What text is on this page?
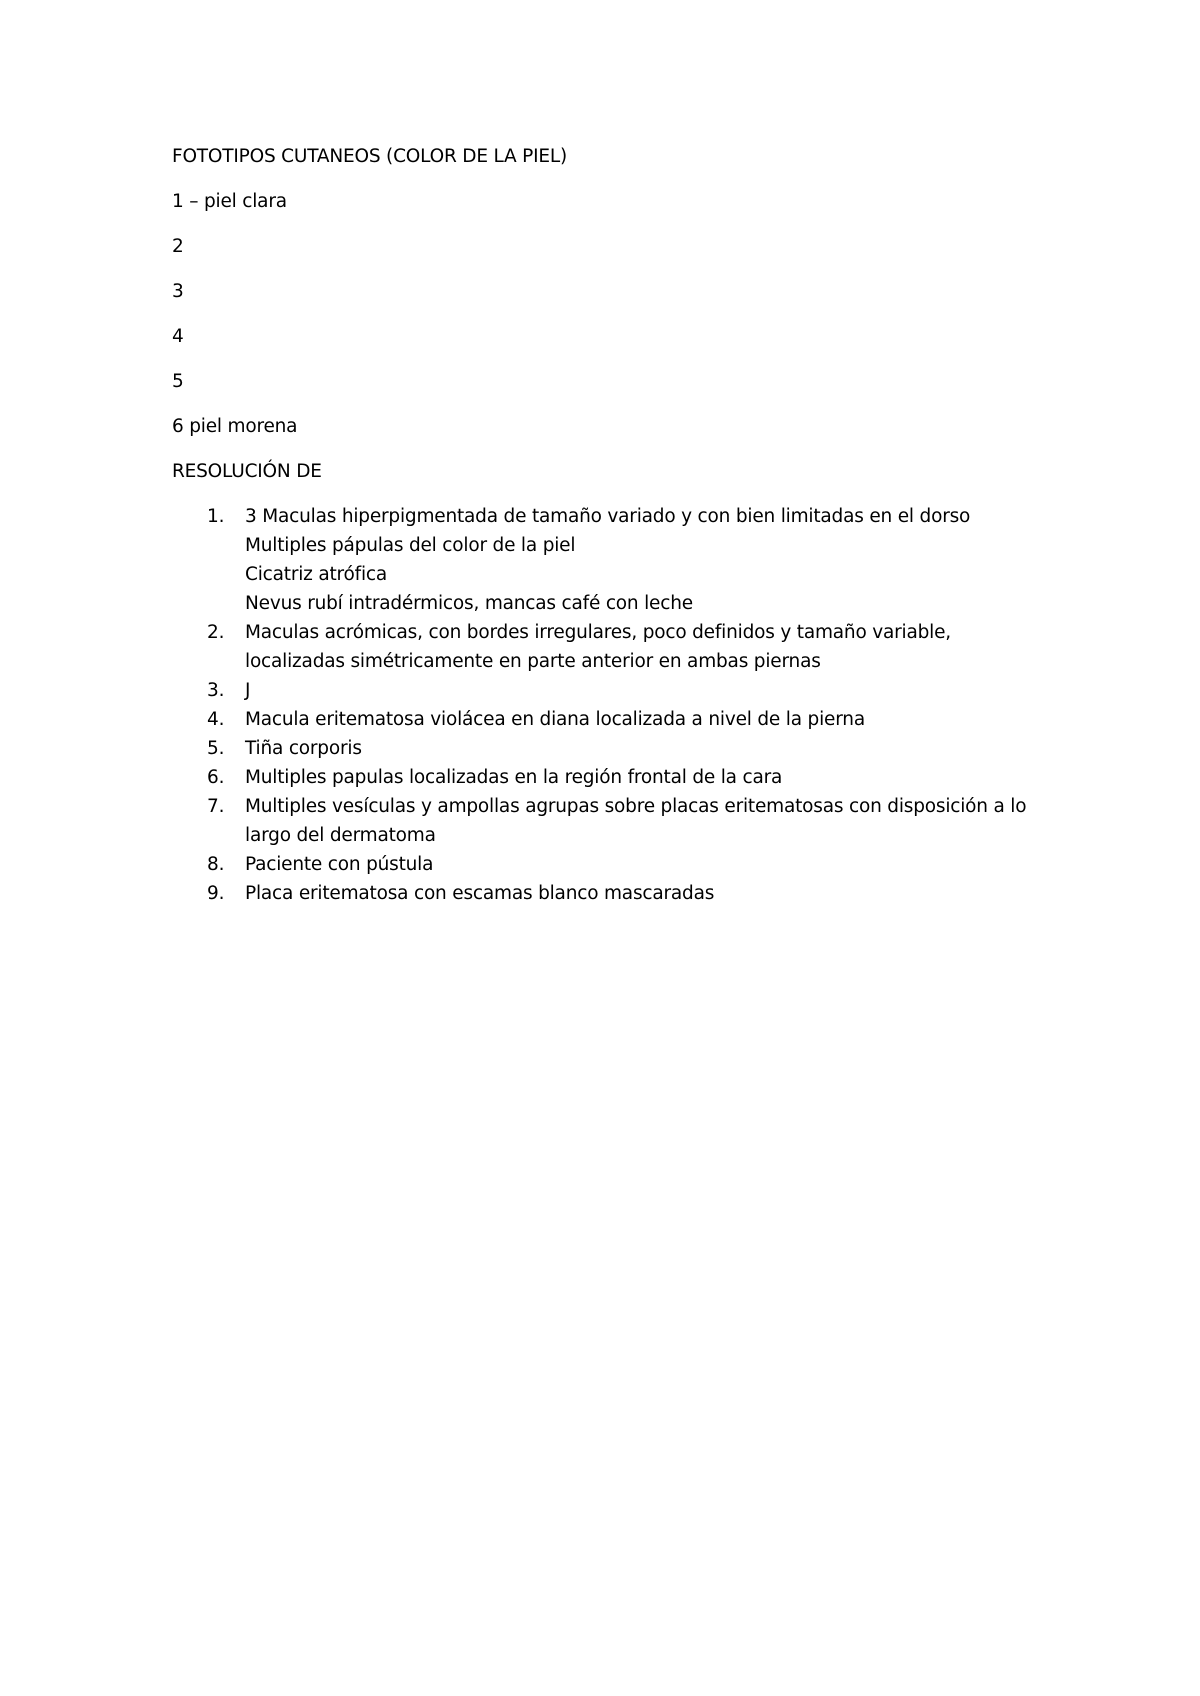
FOTOTIPOS CUTANEOS (COLOR DE LA PIEL)

1 – piel clara

2

3

4

5

6 piel morena

RESOLUCIÓN DE

1. 3 Maculas hiperpigmentada de tamaño variado y con bien limitadas en el dorso
Multiples pápulas del color de la piel
Cicatriz atrófica
Nevus rubí intradérmicos, mancas café con leche
2. Maculas acrómicas, con bordes irregulares, poco definidos y tamaño variable,
localizadas simétricamente en parte anterior en ambas piernas
3. J
4. Macula eritematosa violácea en diana localizada a nivel de la pierna
5. Tiña corporis
6. Multiples papulas localizadas en la región frontal de la cara
7. Multiples vesículas y ampollas agrupas sobre placas eritematosas con disposición a lo
largo del dermatoma
8. Paciente con pústula
9. Placa eritematosa con escamas blanco mascaradas
